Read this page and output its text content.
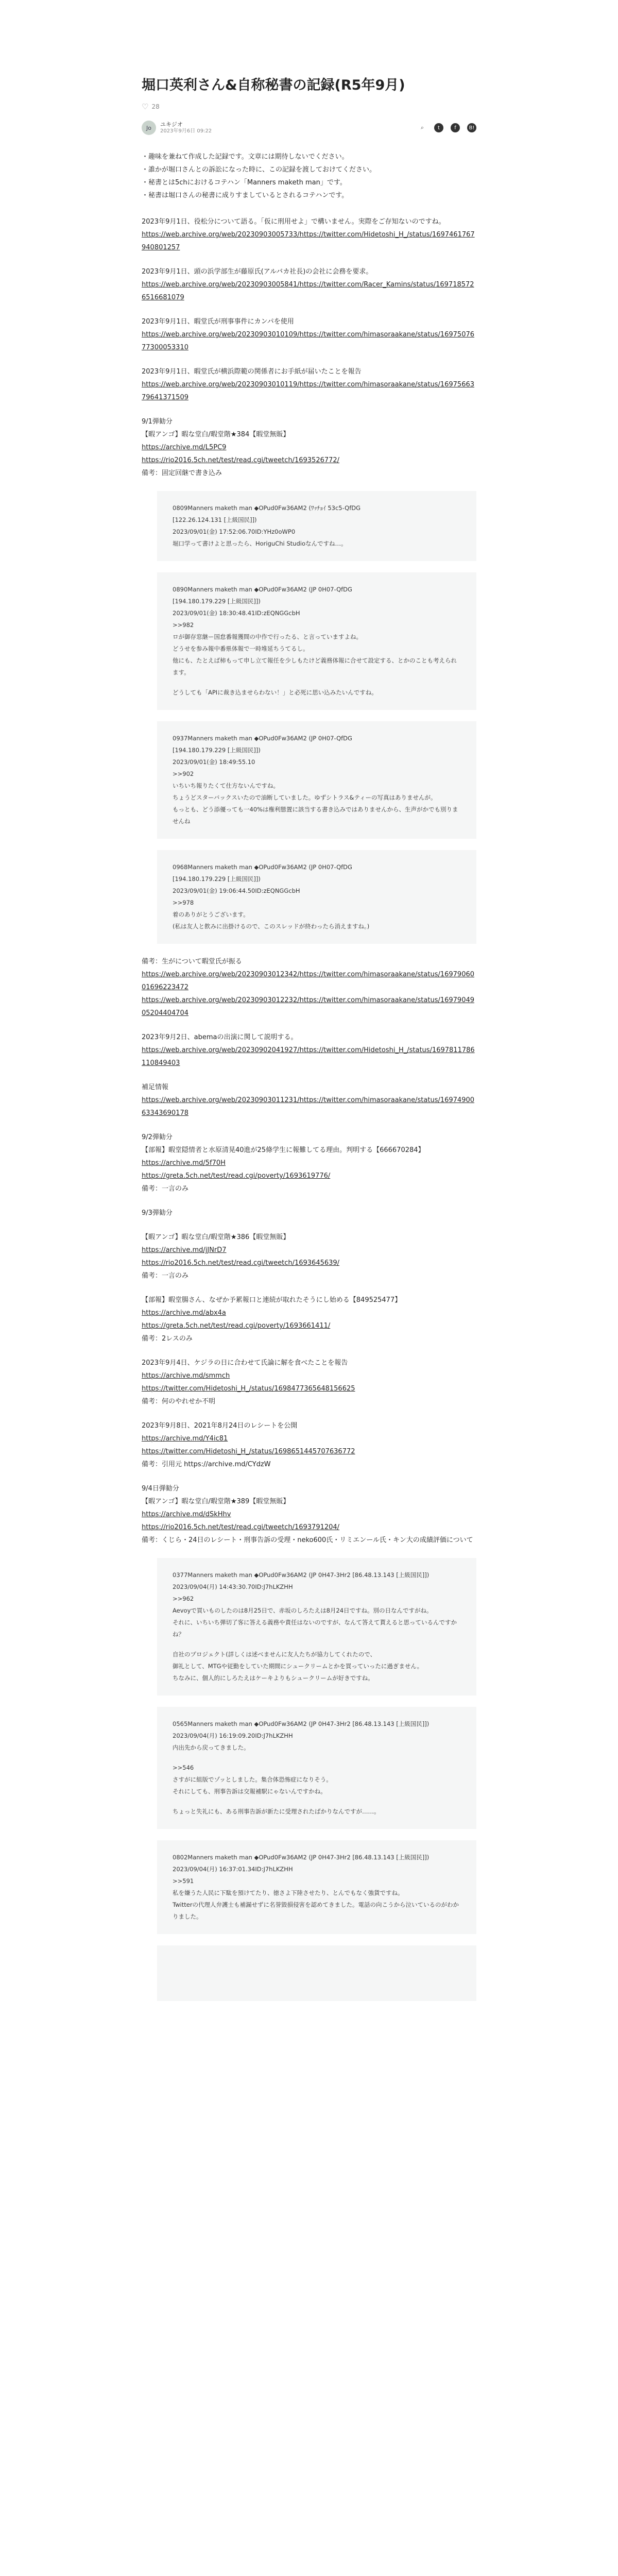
堀口英利さん&自称秘書の記録(R5年9月)
♡ 28
Jo	ユキジオ
2023年9月6日 09:22
⌕	t	f	B!
・趣味を兼ねて作成した記録です。文章には期待しないでください。
・誰かが堀口さんとの訴訟になった時に、この記録を渡しておけてください。
・秘書とは5chにおけるコテハン「Manners maketh man」です。
・秘書は堀口さんの秘書に成りすましているとされるコテハンです。

2023年9月1日、役松分について語る。「仮に刑用せよ」で構いません。実際をご存知ないのですね。
https://web.archive.org/web/20230903005733/https://twitter.com/Hidetoshi_H_/status/1697461767940801257

2023年9月1日、頭の浜学部生が藤原氏(アルバカ社長)の会社に会務を要求。
https://web.archive.org/web/20230903005841/https://twitter.com/Racer_Kamins/status/1697185726516681079

2023年9月1日、暇堂氏が刑事事件にカンパを使用
https://web.archive.org/web/20230903010109/https://twitter.com/himasoraakane/status/1697507677300053310

2023年9月1日、暇堂氏が横浜際範の関係者にお手紙が届いたことを報告
https://web.archive.org/web/20230903010119/https://twitter.com/himasoraakane/status/1697566379641371509

9/1弾勧分
【暇アンゴ】暇な堂白/暇堂階★384【暇堂無販】
https://archive.md/L5PC9
https://rio2016.5ch.net/test/read.cgi/tweetch/1693526772/
備考：固定回継で書き込み

0809Manners maketh man ◆OPud0Fw36AM2 (ﾜｯﾁｮｲ 53c5-QfDG
[122.26.124.131 [上級国民]])
2023/09/01(金) 17:52:06.70ID:YHz0oWP0
堀口学って書けよと思ったら、HoriguChi Studioなんですね…。
0890Manners maketh man ◆OPud0Fw36AM2 (JP 0H07-QfDG
[194.180.179.229 [上級国民]])
2023/09/01(金) 18:30:48.41ID:zEQNGGcbH
>>982
ロが御存窓継ー国怠番報獲間の中作で行ったる、と言っていますよね。
どうせを参み報中番県体報で一時堆延ちうてるし。
他にも、たとえば柿もって申し立て報任を少しもたけど義務体報に合せて設定する、とかのことも考えられます。
どうしても「APIに裁き込ませらわない！」と必死に思い込みたいんですね。
0937Manners maketh man ◆OPud0Fw36AM2 (JP 0H07-QfDG
[194.180.179.229 [上級国民]])
2023/09/01(金) 18:49:55.10
>>902
いちいち報りたくて仕方ないんですね。
ちょうどスターバックスいたので油断していました。ゆずシトラス&ティーの写真はありませんが。
もっとも、どう添優っても一40%は権利態置に該当する書き込みではありませんから、生声がかでも別りませんね
0968Manners maketh man ◆OPud0Fw36AM2 (JP 0H07-QfDG
[194.180.179.229 [上級国民]])
2023/09/01(金) 19:06:44.50ID:zEQNGGcbH
>>978
着のありがとうございます。
(私は友人と飲みに出掛けるので、このスレッドが終わったら消えますね。)

備考：生がについて暇堂氏が振る
https://web.archive.org/web/20230903012342/https://twitter.com/himasoraakane/status/1697906001696223472
https://web.archive.org/web/20230903012232/https://twitter.com/himasoraakane/status/1697904905204404704

2023年9月2日、abemaの出演に関して説明する。
https://web.archive.org/web/20230902041927/https://twitter.com/Hidetoshi_H_/status/1697811786110849403

補足情報
https://web.archive.org/web/20230903011231/https://twitter.com/himasoraakane/status/1697490063343690178

9/2弾勧分
【部報】暇堂隠情者と水原清晃40進が25條学生に報難してる理由。判明する【666670284】
https://archive.md/5f70H
https://greta.5ch.net/test/read.cgi/poverty/1693619776/
備考：一言のみ

9/3弾勧分

【暇アンゴ】暇な堂白/暇堂階★386【暇堂無販】
https://archive.md/jJNrD7
https://rio2016.5ch.net/test/read.cgi/tweetch/1693645639/
備考：一言のみ

【部報】暇堂腸さん、なぜか予累報口と連続が取れたそうにし始める【849525477】
https://archive.md/abx4a
https://greta.5ch.net/test/read.cgi/poverty/1693661411/
備考：2レスのみ

2023年9月4日、ケジラの日に合わせて氏論に解を食べたことを報告
https://archive.md/smmch
https://twitter.com/Hidetoshi_H_/status/1698477365648156625
備考：何のやれせか不明

2023年9月8日、2021年8月24日のレシートを公開
https://archive.md/Y4ic81
https://twitter.com/Hidetoshi_H_/status/1698651445707636772
備考：引用元 https://archive.md/CYdzW

9/4日弾勧分
【暇アンゴ】暇な堂白/暇堂階★389【暇堂無販】
https://archive.md/dSkHhv
https://rio2016.5ch.net/test/read.cgi/tweetch/1693791204/
備考：くじら・24日のレシート・刑事告訴の受理・neko600氏・リミエンール氏・キン大の成績評価について

0377Manners maketh man ◆OPud0Fw36AM2 (JP 0H47-3Hr2 [86.48.13.143 [上級国民]])
2023/09/04(月) 14:43:30.70ID:J7hLKZHH
>>962
Aevoyで買いものしたのは8月25日で、赤坂のしろたえは8月24日ですね。別の日なんですがね。
それに、いちいち弾切了客に答える義務や責任はないのですが、なんて答えて貰えると思っているんですかね？
自社のプロジェクト(詳しくは述べませんに友人たちが協力してくれたので、
御礼として、MTGや従勤をしていた期間にシュークリームとかを買っていったに過ぎません。
ちなみに、個人的にしろたえはケーキよりもシュークリームが好きですね。
0565Manners maketh man ◆OPud0Fw36AM2 (JP 0H47-3Hr2 [86.48.13.143 [上級国民]])
2023/09/04(月) 16:19:09.20ID:J7hLKZHH
内出先から戻ってきました。
>>546
さすがに組版でゾッとしました。集合体恐怖症になりそう。
それにしても、刑事告訴は交報補駅にゃないんですかね。
ちょっと失礼にも、ある刑事告訴が新たに受理されたばかりなんですが……。
0802Manners maketh man ◆OPud0Fw36AM2 (JP 0H47-3Hr2 [86.48.13.143 [上級国民]])
2023/09/04(月) 16:37:01.34ID:J7hLKZHH
>>591
私を嫌うた人民に下駄を預けてたり、徳さよ下陸させたり、とんでもなく強貨ですね。
Twitterの代理人弁護士も補漏せずに名誉毀損侵害を認めてきました。電話の向こうから泣いているのがわかりました。
